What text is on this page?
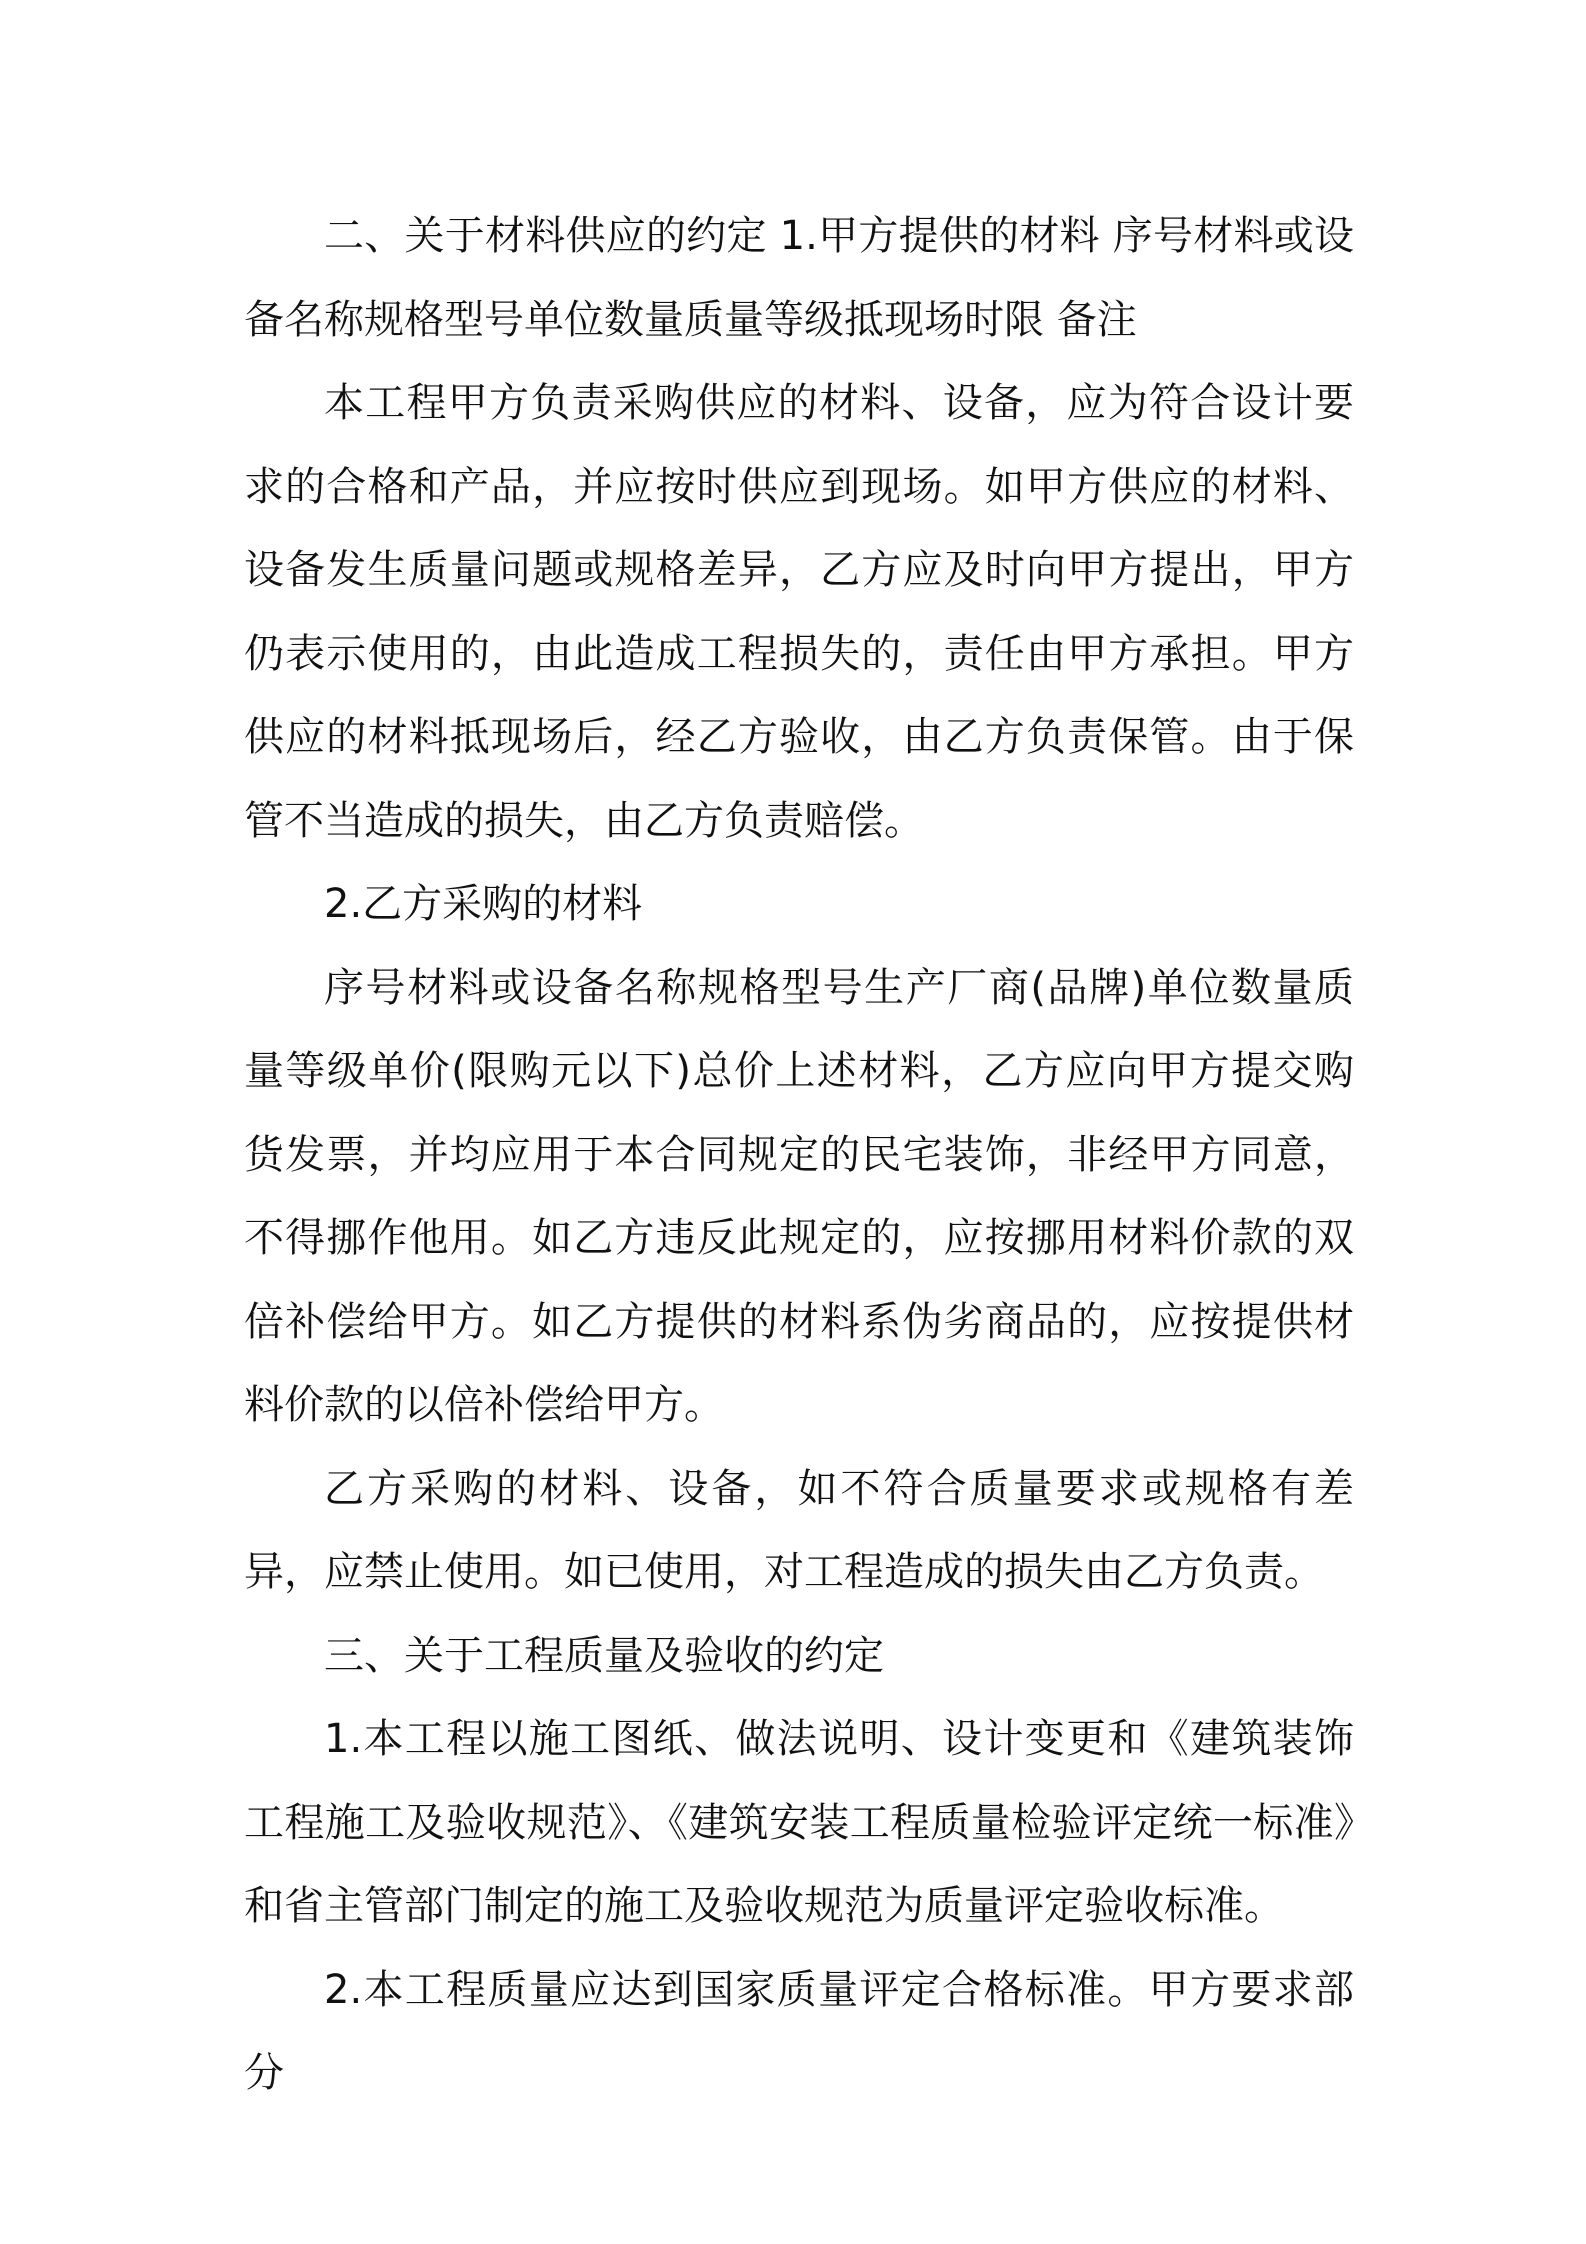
二、关于材料供应的约定 1.甲方提供的材料 序号材料或设备名称规格型号单位数量质量等级抵现场时限 备注

本工程甲方负责采购供应的材料、设备，应为符合设计要求的合格和产品，并应按时供应到现场。如甲方供应的材料、设备发生质量问题或规格差异，乙方应及时向甲方提出，甲方仍表示使用的，由此造成工程损失的，责任由甲方承担。甲方供应的材料抵现场后，经乙方验收，由乙方负责保管。由于保管不当造成的损失，由乙方负责赔偿。

2.乙方采购的材料

序号材料或设备名称规格型号生产厂商(品牌)单位数量质量等级单价(限购元以下)总价上述材料，乙方应向甲方提交购货发票，并均应用于本合同规定的民宅装饰，非经甲方同意，不得挪作他用。如乙方违反此规定的，应按挪用材料价款的双倍补偿给甲方。如乙方提供的材料系伪劣商品的，应按提供材料价款的以倍补偿给甲方。

乙方采购的材料、设备，如不符合质量要求或规格有差异，应禁止使用。如已使用，对工程造成的损失由乙方负责。

三、关于工程质量及验收的约定

1.本工程以施工图纸、做法说明、设计变更和《建筑装饰工程施工及验收规范》、《建筑安装工程质量检验评定统一标准》和省主管部门制定的施工及验收规范为质量评定验收标准。

2.本工程质量应达到国家质量评定合格标准。甲方要求部分
